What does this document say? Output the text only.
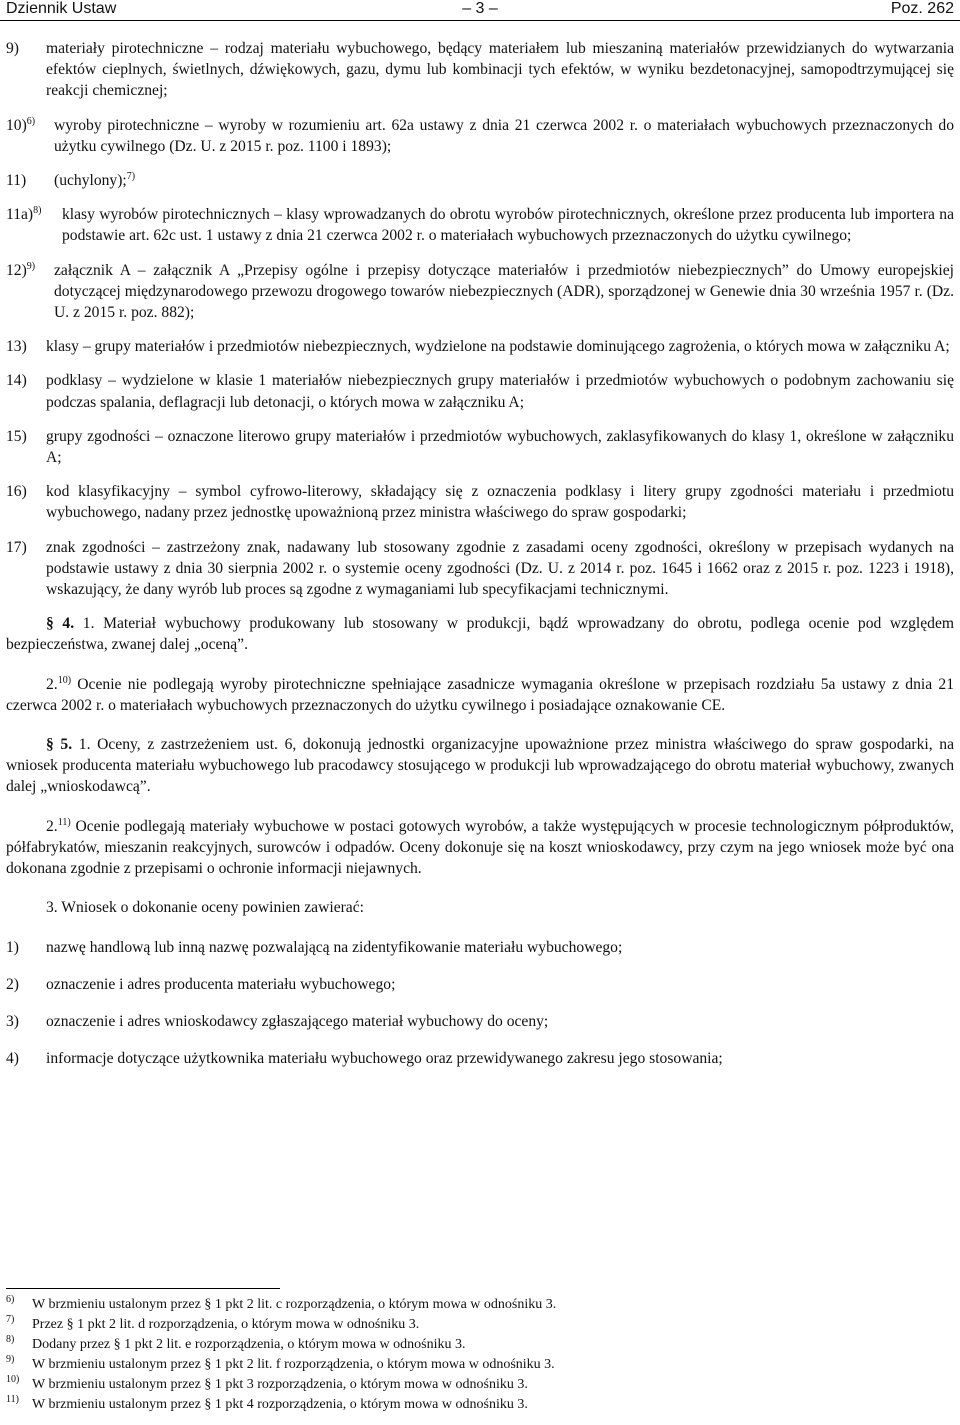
Dziennik Ustaw	– 3 –	Poz. 262
9) materiały pirotechniczne – rodzaj materiału wybuchowego, będący materiałem lub mieszaniną materiałów przewidzianych do wytwarzania efektów cieplnych, świetlnych, dźwiękowych, gazu, dymu lub kombinacji tych efektów, w wyniku bezdetonacyjnej, samopodtrzymującej się reakcji chemicznej;
10)$^{6)}$ wyroby pirotechniczne – wyroby w rozumieniu art. 62a ustawy z dnia 21 czerwca 2002 r. o materiałach wybuchowych przeznaczonych do użytku cywilnego (Dz. U. z 2015 r. poz. 1100 i 1893);
11) (uchylony);$^{7)}$
11a)$^{8)}$ klasy wyrobów pirotechnicznych – klasy wprowadzanych do obrotu wyrobów pirotechnicznych, określone przez producenta lub importera na podstawie art. 62c ust. 1 ustawy z dnia 21 czerwca 2002 r. o materiałach wybuchowych przeznaczonych do użytku cywilnego;
12)$^{9)}$ załącznik A – załącznik A „Przepisy ogólne i przepisy dotyczące materiałów i przedmiotów niebezpiecznych” do Umowy europejskiej dotyczącej międzynarodowego przewozu drogowego towarów niebezpiecznych (ADR), sporządzonej w Genewie dnia 30 września 1957 r. (Dz. U. z 2015 r. poz. 882);
13) klasy – grupy materiałów i przedmiotów niebezpiecznych, wydzielone na podstawie dominującego zagrożenia, o których mowa w załączniku A;
14) podklasy – wydzielone w klasie 1 materiałów niebezpiecznych grupy materiałów i przedmiotów wybuchowych o podobnym zachowaniu się podczas spalania, deflagracji lub detonacji, o których mowa w załączniku A;
15) grupy zgodności – oznaczone literowo grupy materiałów i przedmiotów wybuchowych, zaklasyfikowanych do klasy 1, określone w załączniku A;
16) kod klasyfikacyjny – symbol cyfrowo-literowy, składający się z oznaczenia podklasy i litery grupy zgodności materiału i przedmiotu wybuchowego, nadany przez jednostkę upoważnioną przez ministra właściwego do spraw gospodarki;
17) znak zgodności – zastrzeżony znak, nadawany lub stosowany zgodnie z zasadami oceny zgodności, określony w przepisach wydanych na podstawie ustawy z dnia 30 sierpnia 2002 r. o systemie oceny zgodności (Dz. U. z 2014 r. poz. 1645 i 1662 oraz z 2015 r. poz. 1223 i 1918), wskazujący, że dany wyrób lub proces są zgodne z wymaganiami lub specyfikacjami technicznymi.
§ 4. 1. Materiał wybuchowy produkowany lub stosowany w produkcji, bądź wprowadzany do obrotu, podlega ocenie pod względem bezpieczeństwa, zwanej dalej „oceną”.
2.$^{10)}$ Ocenie nie podlegają wyroby pirotechniczne spełniające zasadnicze wymagania określone w przepisach rozdziału 5a ustawy z dnia 21 czerwca 2002 r. o materiałach wybuchowych przeznaczonych do użytku cywilnego i posiadające oznakowanie CE.
§ 5. 1. Oceny, z zastrzeżeniem ust. 6, dokonują jednostki organizacyjne upoważnione przez ministra właściwego do spraw gospodarki, na wniosek producenta materiału wybuchowego lub pracodawcy stosującego w produkcji lub wprowadzającego do obrotu materiał wybuchowy, zwanych dalej „wnioskodawcą”.
2.$^{11)}$ Ocenie podlegają materiały wybuchowe w postaci gotowych wyrobów, a także występujących w procesie technologicznym półproduktów, półfabrykatów, mieszanin reakcyjnych, surowców i odpadów. Oceny dokonuje się na koszt wnioskodawcy, przy czym na jego wniosek może być ona dokonana zgodnie z przepisami o ochronie informacji niejawnych.
3. Wniosek o dokonanie oceny powinien zawierać:
1) nazwę handlową lub inną nazwę pozwalającą na zidentyfikowanie materiału wybuchowego;
2) oznaczenie i adres producenta materiału wybuchowego;
3) oznaczenie i adres wnioskodawcy zgłaszającego materiał wybuchowy do oceny;
4) informacje dotyczące użytkownika materiału wybuchowego oraz przewidywanego zakresu jego stosowania;
6) W brzmieniu ustalonym przez § 1 pkt 2 lit. c rozporządzenia, o którym mowa w odnośniku 3.
7) Przez § 1 pkt 2 lit. d rozporządzenia, o którym mowa w odnośniku 3.
8) Dodany przez § 1 pkt 2 lit. e rozporządzenia, o którym mowa w odnośniku 3.
9) W brzmieniu ustalonym przez § 1 pkt 2 lit. f rozporządzenia, o którym mowa w odnośniku 3.
10) W brzmieniu ustalonym przez § 1 pkt 3 rozporządzenia, o którym mowa w odnośniku 3.
11) W brzmieniu ustalonym przez § 1 pkt 4 rozporządzenia, o którym mowa w odnośniku 3.
